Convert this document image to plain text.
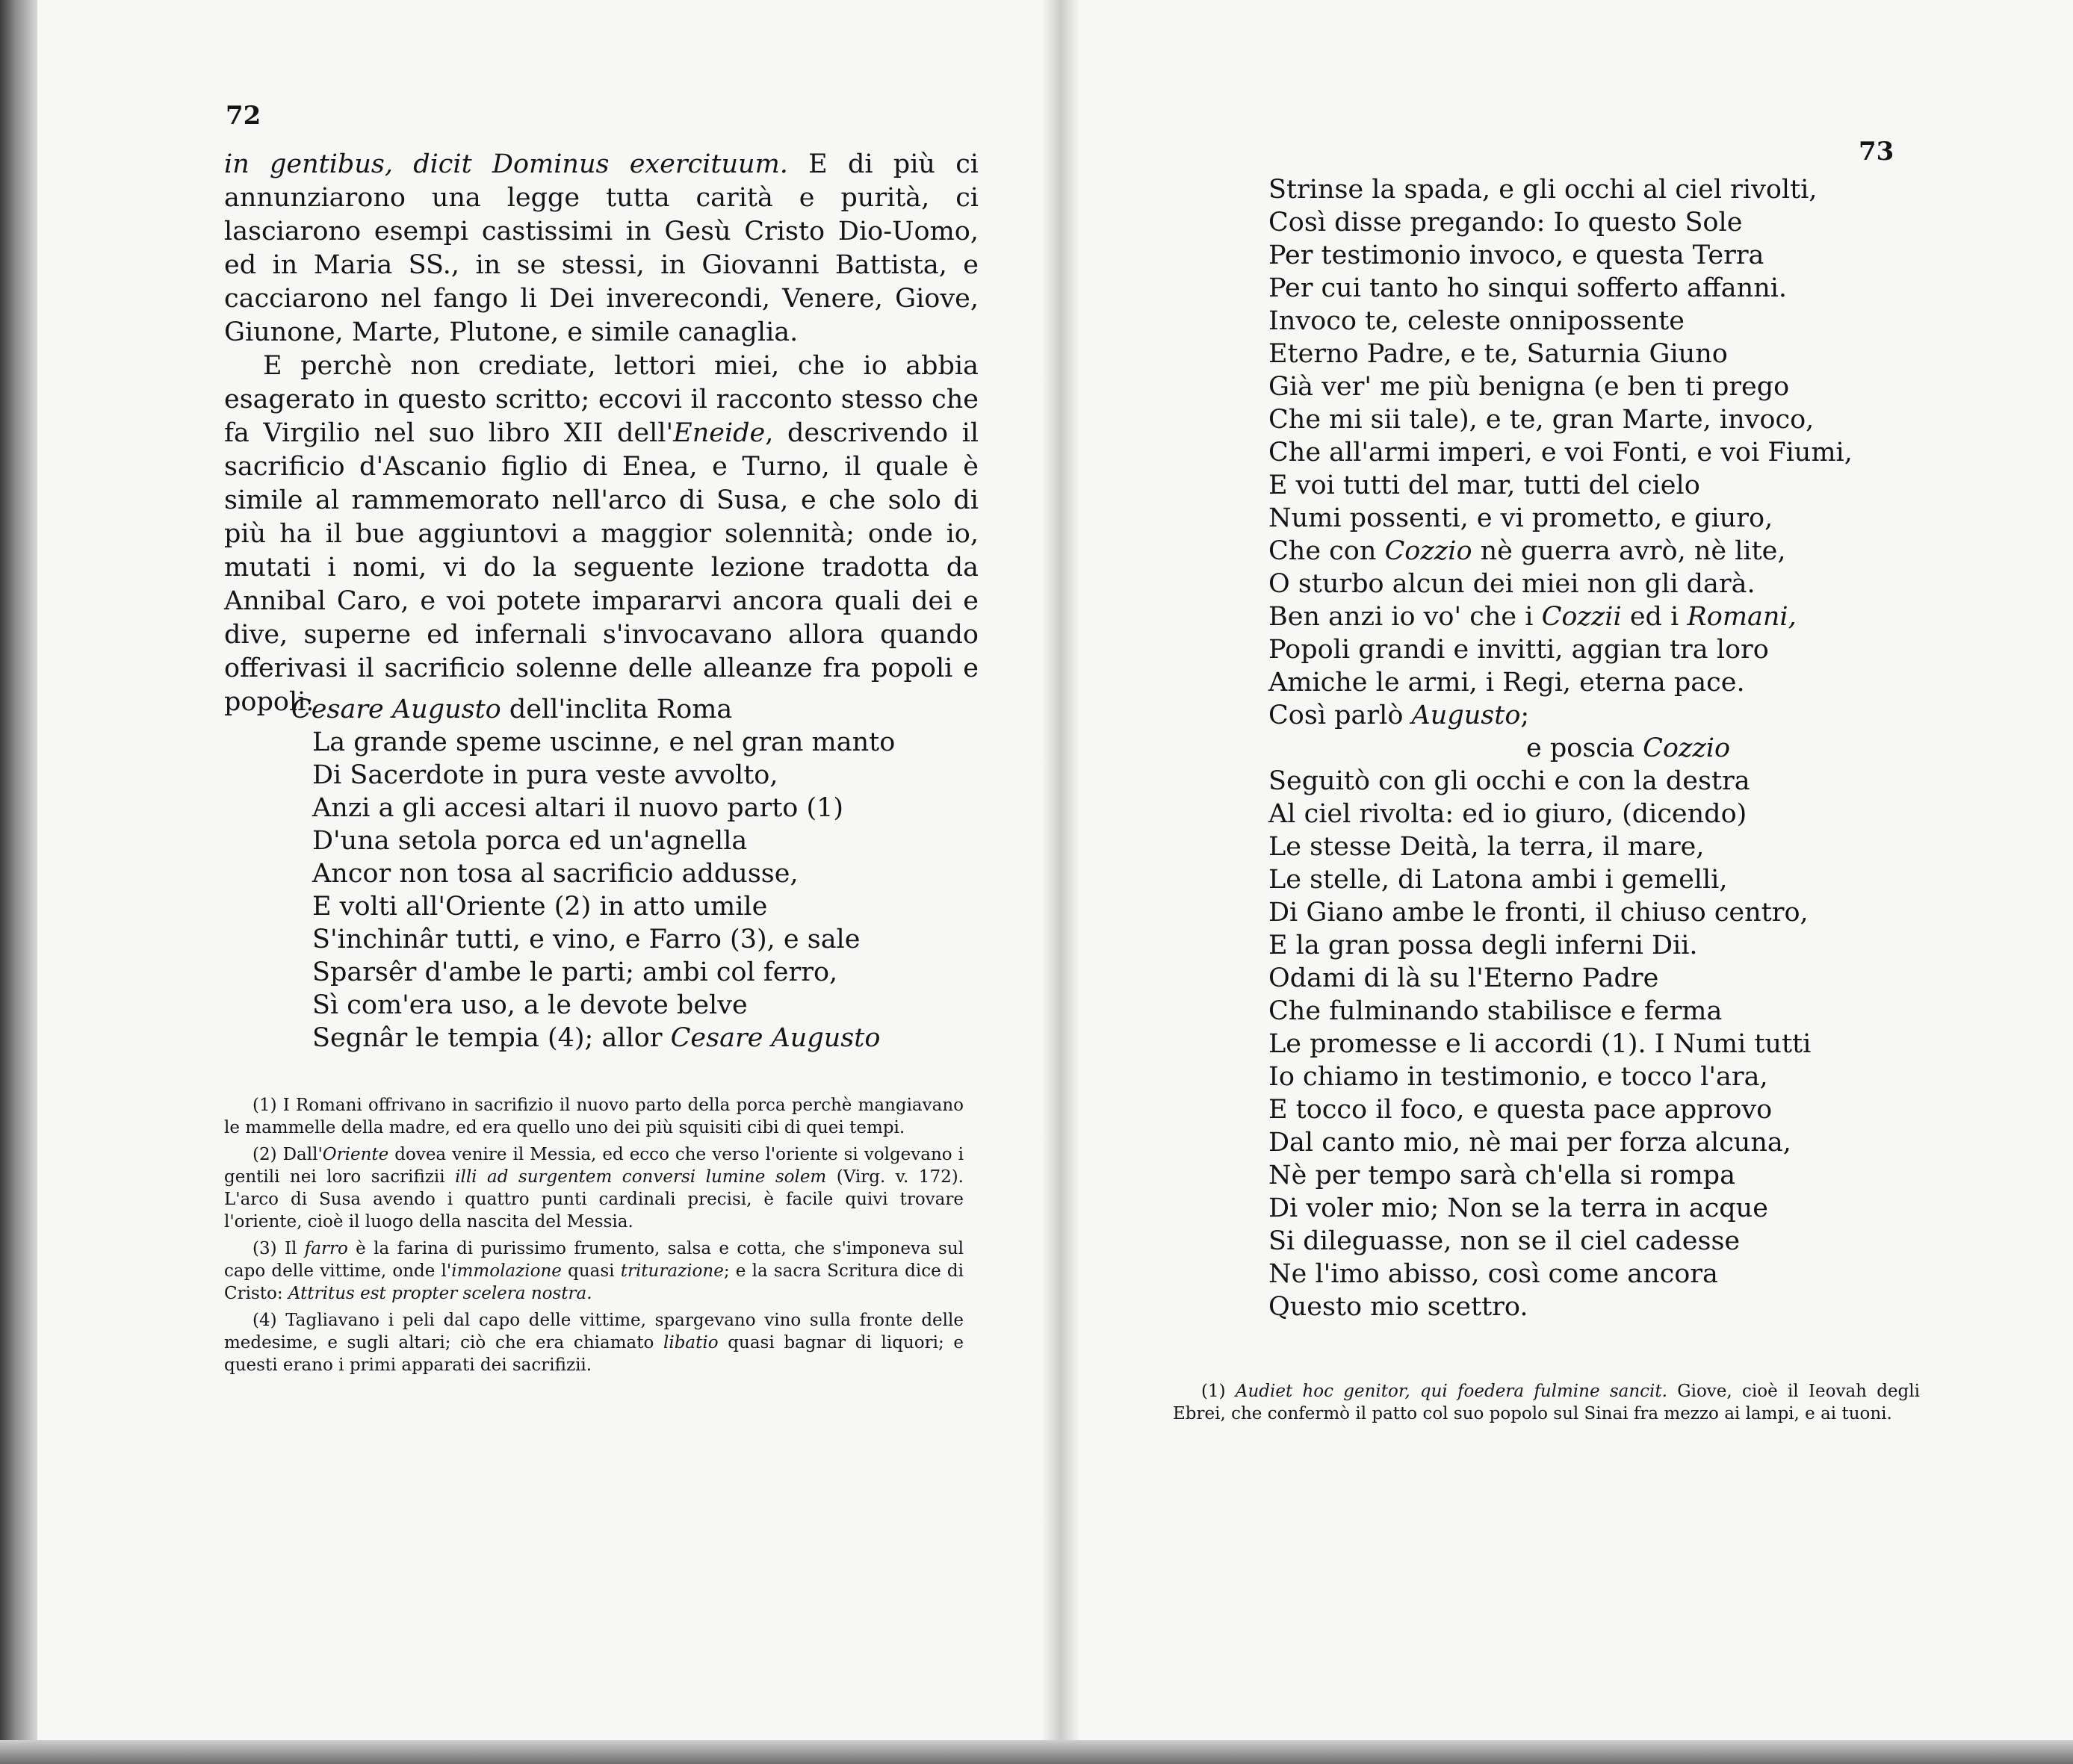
72

in gentibus, dicit Dominus exercituum. E di più ci annunziarono una legge tutta carità e purità, ci lasciarono esempi castissimi in Gesù Cristo Dio-Uomo, ed in Maria SS., in se stessi, in Giovanni Battista, e cacciarono nel fango li Dei inverecondi, Venere, Giove, Giunone, Marte, Plutone, e simile canaglia.

E perchè non crediate, lettori miei, che io abbia esagerato in questo scritto; eccovi il racconto stesso che fa Virgilio nel suo libro XII dell'Eneide, descrivendo il sacrificio d'Ascanio figlio di Enea, e Turno, il quale è simile al rammemorato nell'arco di Susa, e che solo di più ha il bue aggiuntovi a maggior solennità; onde io, mutati i nomi, vi do la seguente lezione tradotta da Annibal Caro, e voi potete impararvi ancora quali dei e dive, superne ed infernali s'invocavano allora quando offerivasi il sacrificio solenne delle alleanze fra popoli e popoli.

Cesare Augusto dell'inclita Roma
La grande speme uscinne, e nel gran manto
Di Sacerdote in pura veste avvolto,
Anzi a gli accesi altari il nuovo parto (1)
D'una setola porca ed un'agnella
Ancor non tosa al sacrificio addusse,
E volti all'Oriente (2) in atto umile
S'inchinâr tutti, e vino, e Farro (3), e sale
Sparsêr d'ambe le parti; ambi col ferro,
Sì com'era uso, a le devote belve
Segnâr le tempia (4); allor Cesare Augusto

(1) I Romani offrivano in sacrifizio il nuovo parto della porca perchè mangiavano le mammelle della madre, ed era quello uno dei più squisiti cibi di quei tempi.

(2) Dall'Oriente dovea venire il Messia, ed ecco che verso l'oriente si volgevano i gentili nei loro sacrifizii illi ad surgentem conversi lumine solem (Virg. v. 172). L'arco di Susa avendo i quattro punti cardinali precisi, è facile quivi trovare l'oriente, cioè il luogo della nascita del Messia.

(3) Il farro è la farina di purissimo frumento, salsa e cotta, che s'imponeva sul capo delle vittime, onde l'immolazione quasi triturazione; e la sacra Scritura dice di Cristo: Attritus est propter scelera nostra.

(4) Tagliavano i peli dal capo delle vittime, spargevano vino sulla fronte delle medesime, e sugli altari; ciò che era chiamato libatio quasi bagnar di liquori; e questi erano i primi apparati dei sacrifizii.

73
Strinse la spada, e gli occhi al ciel rivolti,
Così disse pregando: Io questo Sole
Per testimonio invoco, e questa Terra
Per cui tanto ho sinqui sofferto affanni.
Invoco te, celeste onnipossente
Eterno Padre, e te, Saturnia Giuno
Già ver' me più benigna (e ben ti prego
Che mi sii tale), e te, gran Marte, invoco,
Che all'armi imperi, e voi Fonti, e voi Fiumi,
E voi tutti del mar, tutti del cielo
Numi possenti, e vi prometto, e giuro,
Che con Cozzio nè guerra avrò, nè lite,
O sturbo alcun dei miei non gli darà.
Ben anzi io vo' che i Cozzii ed i Romani,
Popoli grandi e invitti, aggian tra loro
Amiche le armi, i Regi, eterna pace.
Così parlò Augusto;
e poscia Cozzio
Seguitò con gli occhi e con la destra
Al ciel rivolta: ed io giuro, (dicendo)
Le stesse Deità, la terra, il mare,
Le stelle, di Latona ambi i gemelli,
Di Giano ambe le fronti, il chiuso centro,
E la gran possa degli inferni Dii.
Odami di là su l'Eterno Padre
Che fulminando stabilisce e ferma
Le promesse e li accordi (1). I Numi tutti
Io chiamo in testimonio, e tocco l'ara,
E tocco il foco, e questa pace approvo
Dal canto mio, nè mai per forza alcuna,
Nè per tempo sarà ch'ella si rompa
Di voler mio; Non se la terra in acque
Si dileguasse, non se il ciel cadesse
Ne l'imo abisso, così come ancora
Questo mio scettro.

(1) Audiet hoc genitor, qui foedera fulmine sancit. Giove, cioè il Ieovah degli Ebrei, che confermò il patto col suo popolo sul Sinai fra mezzo ai lampi, e ai tuoni.
